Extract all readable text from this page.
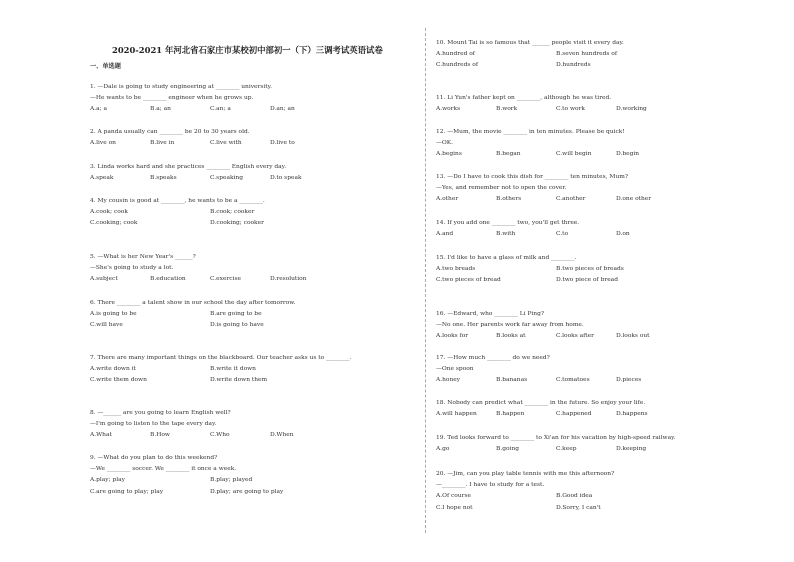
2020-2021 年河北省石家庄市某校初中部初一（下）三调考试英语试卷
一、单选题
1. —Dale is going to study engineering at ________ university.
—He wants to be ________ engineer when he grows up.
A.a; a	B.a; an	C.an; a	D.an; an
2. A panda usually can ________ be 20 to 30 years old.
A.live on	B.live in	C.live with	D.live to
3. Linda works hard and she practices ________ English every day.
A.speak	B.speaks	C.speaking	D.to speak
4. My cousin is good at ________, he wants to be a ________.
A.cook; cook	B.cook; cooker
C.cooking; cook	D.cooking; cooker
5. —What is her New Year's ______?
—She's going to study a lot.
A.subject	B.education	C.exercise	D.resolution
6. There ________ a talent show in our school the day after tomorrow.
A.is going to be	B.are going to be
C.will have	D.is going to have
7. There are many important things on the blackboard. Our teacher asks us to ________.
A.write down it	B.write it down
C.write them down	D.write down them
8. —______ are you going to learn English well?
—I'm going to listen to the tape every day.
A.What	B.How	C.Who	D.When
9. —What do you plan to do this weekend?
—We ________ soccer. We ________ it once a week.
A.play; play	B.play; played
C.are going to play; play	D.play; are going to play
10. Mount Tai is so famous that ______ people visit it every day.
A.hundred of	B.seven hundreds of
C.hundreds of	D.hundreds
11. Li Yun's father kept on ________, although he was tired.
A.works	B.work	C.to work	D.working
12. —Mum, the movie ________ in ten minutes. Please be quick!
—OK.
A.begins	B.began	C.will begin	D.begin
13. —Do I have to cook this dish for ________ ten minutes, Mum?
—Yes, and remember not to open the cover.
A.other	B.others	C.another	D.one other
14. If you add one ________ two, you'll get three.
A.and	B.with	C.to	D.on
15. I'd like to have a glass of milk and ________.
A.two breads	B.two pieces of breads
C.two pieces of bread	D.two piece of bread
16. —Edward, who ________ Li Ping?
—No one. Her parents work far away from home.
A.looks for	B.looks at	C.looks after	D.looks out
17. —How much ________ do we need?
—One spoon
A.honey	B.bananas	C.tomatoes	D.pieces
18. Nobody can predict what ________ in the future. So enjoy your life.
A.will happen	B.happen	C.happened	D.happens
19. Ted looks forward to ________ to Xi'an for his vacation by high-speed railway.
A.go	B.going	C.keep	D.keeping
20. —Jim, can you play table tennis with me this afternoon?
—________. I have to study for a test.
A.Of course	B.Good idea
C.I hope not	D.Sorry, I can't
